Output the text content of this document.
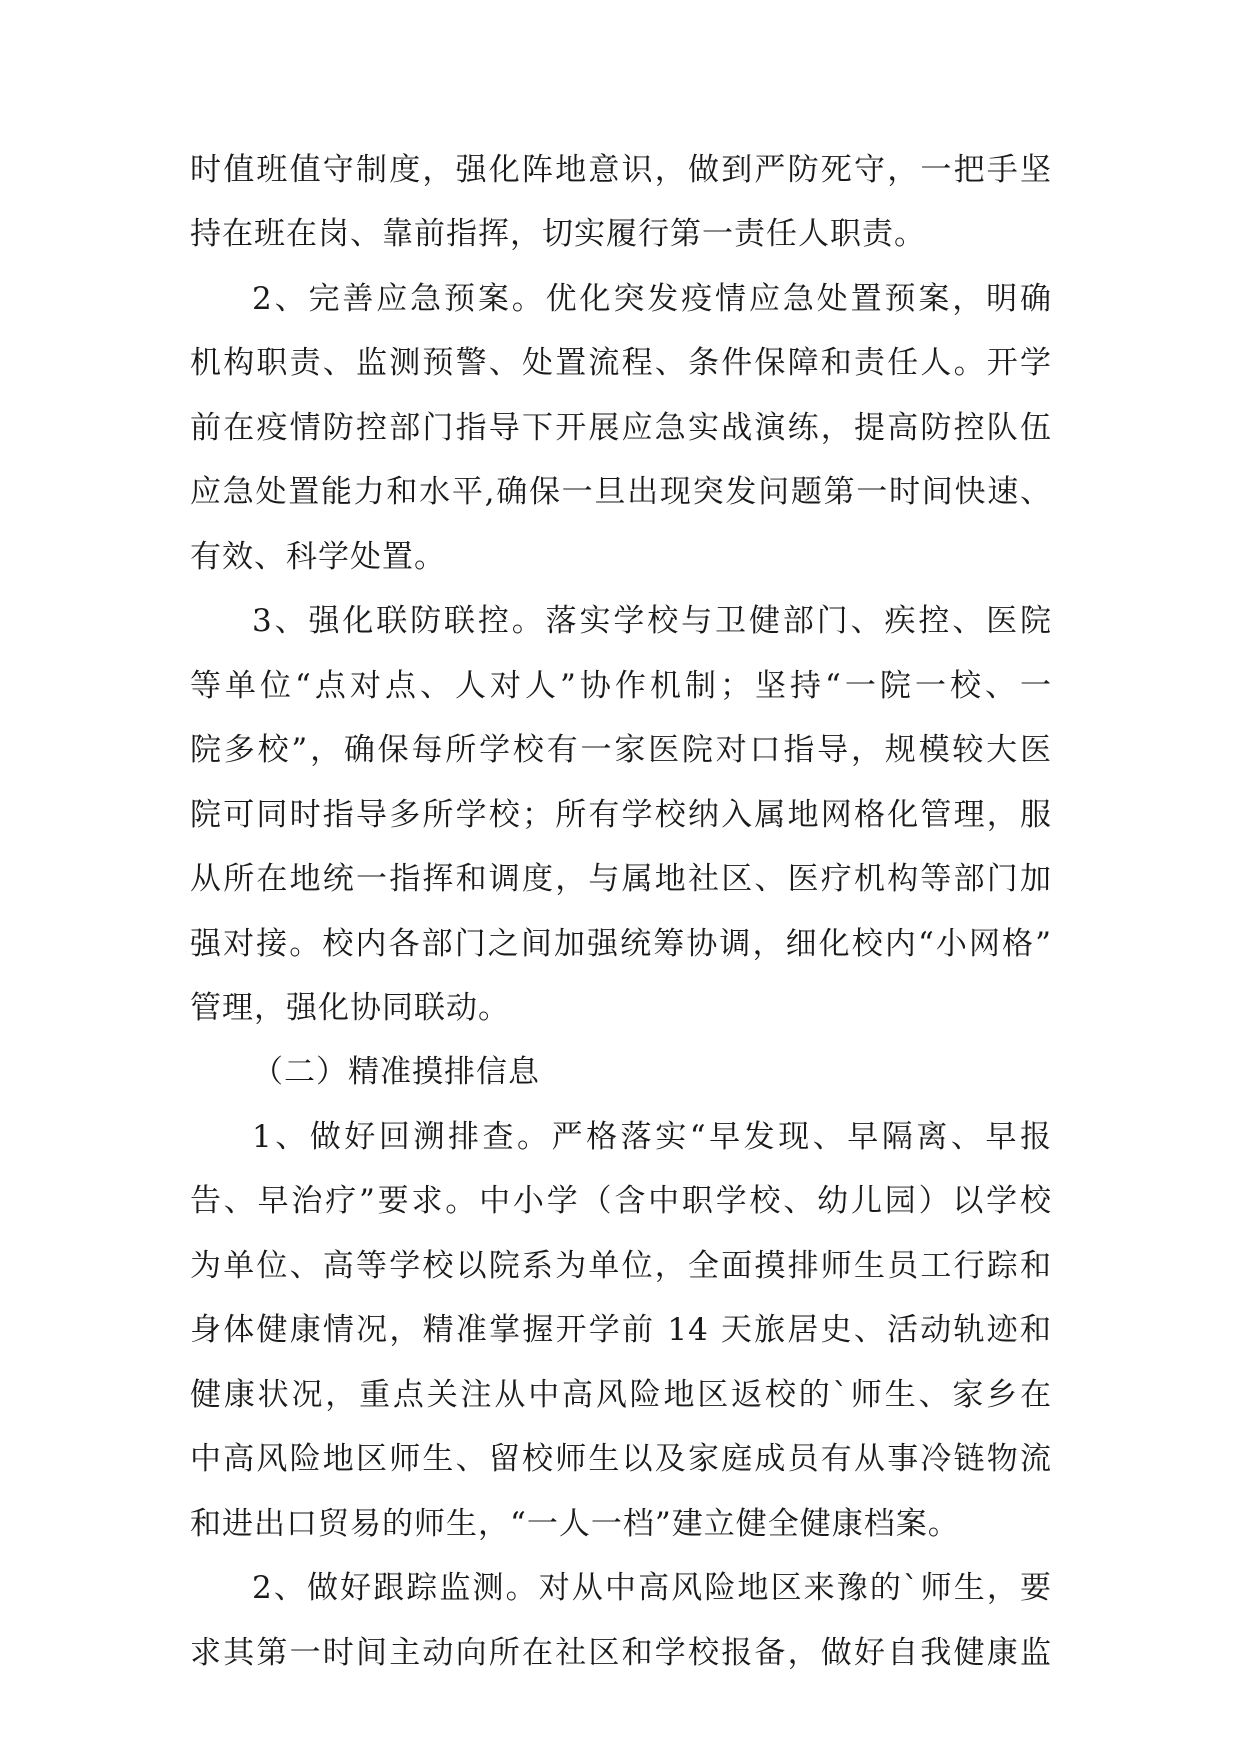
时值班值守制度，强化阵地意识，做到严防死守，一把手坚
持在班在岗、靠前指挥，切实履行第一责任人职责。
2、完善应急预案。优化突发疫情应急处置预案，明确
机构职责、监测预警、处置流程、条件保障和责任人。开学
前在疫情防控部门指导下开展应急实战演练，提高防控队伍
应急处置能力和水平,确保一旦出现突发问题第一时间快速、
有效、科学处置。
3、强化联防联控。落实学校与卫健部门、疾控、医院
等单位“点对点、人对人”协作机制；坚持“一院一校、一
院多校”，确保每所学校有一家医院对口指导，规模较大医
院可同时指导多所学校；所有学校纳入属地网格化管理，服
从所在地统一指挥和调度，与属地社区、医疗机构等部门加
强对接。校内各部门之间加强统筹协调，细化校内“小网格”
管理，强化协同联动。
（二）精准摸排信息
1、做好回溯排查。严格落实“早发现、早隔离、早报
告、早治疗”要求。中小学（含中职学校、幼儿园）以学校
为单位、高等学校以院系为单位，全面摸排师生员工行踪和
身体健康情况，精准掌握开学前 14 天旅居史、活动轨迹和
健康状况，重点关注从中高风险地区返校的`师生、家乡在
中高风险地区师生、留校师生以及家庭成员有从事冷链物流
和进出口贸易的师生，“一人一档”建立健全健康档案。
2、做好跟踪监测。对从中高风险地区来豫的`师生，要
求其第一时间主动向所在社区和学校报备，做好自我健康监
